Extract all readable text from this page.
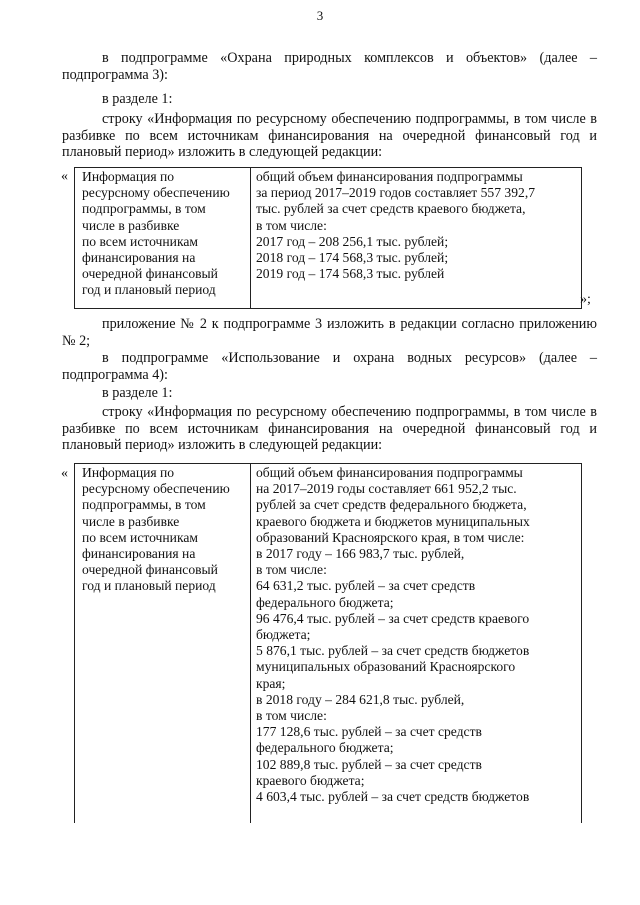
3
в подпрограмме «Охрана природных комплексов и объектов» (далее – подпрограмма 3):
в разделе 1:
строку «Информация по ресурсному обеспечению подпрограммы, в том числе в разбивке по всем источникам финансирования на очередной финансовый год и плановый период» изложить в следующей редакции:
« Информация по
ресурсному обеспечению
подпрограммы, в том
числе в разбивке
по всем источникам
финансирования на
очередной финансовый
год и плановый период
общий объем финансирования подпрограммы
за период 2017–2019 годов составляет 557 392,7
тыс. рублей за счет средств краевого бюджета,
в том числе:
2017 год – 208 256,1 тыс. рублей;
2018 год – 174 568,3 тыс. рублей;
2019 год – 174 568,3 тыс. рублей
»;
приложение № 2 к подпрограмме 3 изложить в редакции согласно приложению № 2;
в подпрограмме «Использование и охрана водных ресурсов» (далее – подпрограмма 4):
в разделе 1:
строку «Информация по ресурсному обеспечению подпрограммы, в том числе в разбивке по всем источникам финансирования на очередной финансовый год и плановый период» изложить в следующей редакции:
« Информация по
ресурсному обеспечению
подпрограммы, в том
числе в разбивке
по всем источникам
финансирования на
очередной финансовый
год и плановый период
общий объем финансирования подпрограммы
на 2017–2019 годы составляет 661 952,2 тыс.
рублей за счет средств федерального бюджета,
краевого бюджета и бюджетов муниципальных
образований Красноярского края, в том числе:
в 2017 году – 166 983,7 тыс. рублей,
в том числе:
64 631,2 тыс. рублей – за счет средств
федерального бюджета;
96 476,4 тыс. рублей – за счет средств краевого
бюджета;
5 876,1 тыс. рублей – за счет средств бюджетов
муниципальных образований Красноярского
края;
в 2018 году – 284 621,8 тыс. рублей,
в том числе:
177 128,6 тыс. рублей – за счет средств
федерального бюджета;
102 889,8 тыс. рублей – за счет средств
краевого бюджета;
4 603,4 тыс. рублей – за счет средств бюджетов
